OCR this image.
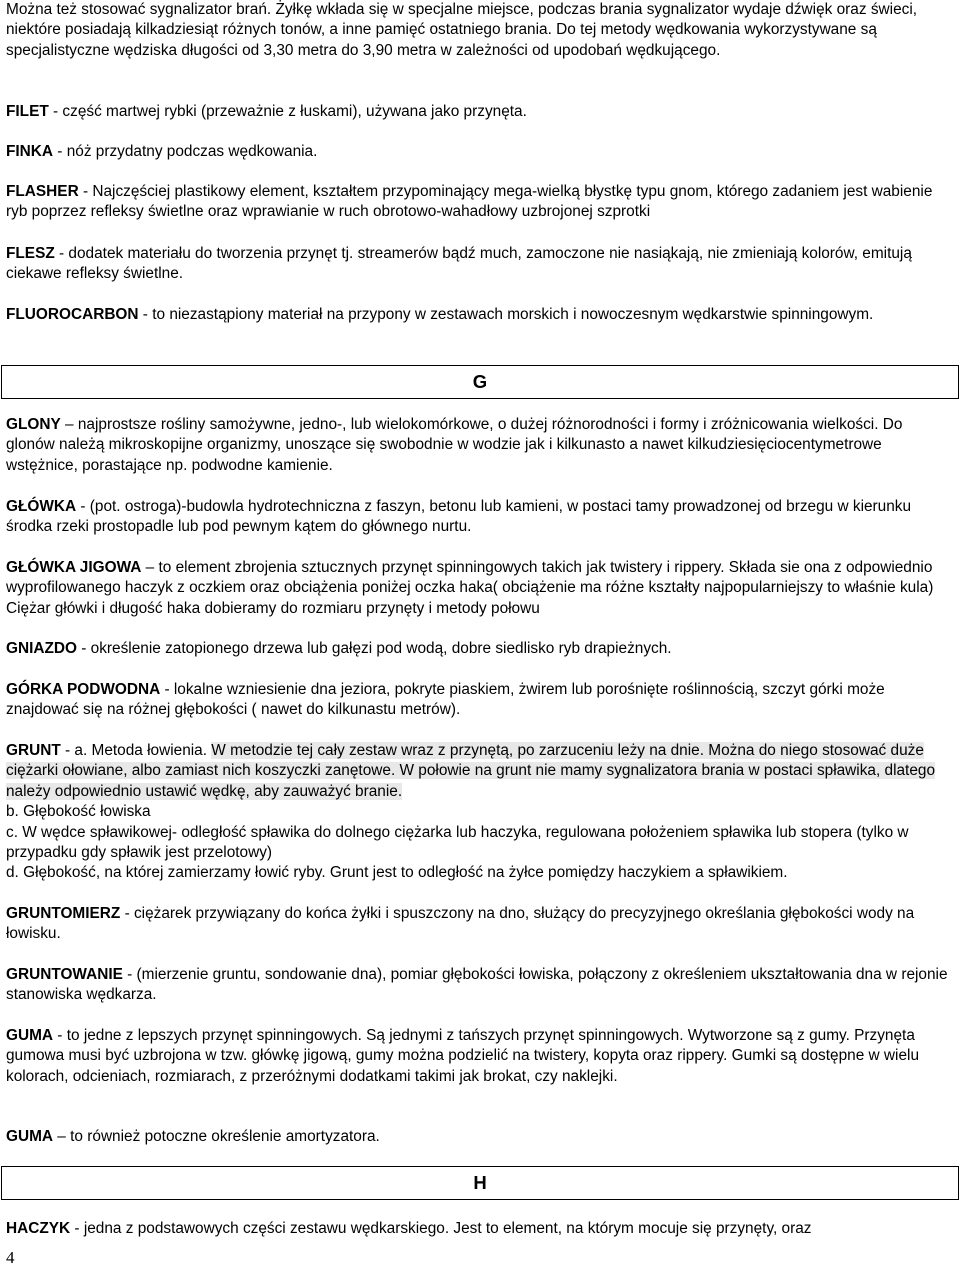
Można też stosować sygnalizator brań. Żyłkę wkłada się w specjalne miejsce, podczas brania sygnalizator wydaje dźwięk oraz świeci, niektóre posiadają kilkadziesiąt różnych tonów, a inne pamięć ostatniego brania. Do tej metody wędkowania wykorzystywane są specjalistyczne wędziska długości od 3,30 metra do 3,90 metra w zależności od upodobań wędkującego.

FILET - część martwej rybki (przeważnie z łuskami), używana jako przynęta.

FINKA - nóż przydatny podczas wędkowania.

FLASHER - Najczęściej plastikowy element, kształtem przypominający mega-wielką błystkę typu gnom, którego zadaniem jest wabienie ryb poprzez refleksy świetlne oraz wprawianie w ruch obrotowo-wahadłowy uzbrojonej szprotki

FLESZ - dodatek materiału do tworzenia przynęt tj. streamerów bądź much, zamoczone nie nasiąkają, nie zmieniają kolorów, emitują ciekawe refleksy świetlne.

FLUOROCARBON - to niezastąpiony materiał na przypony w zestawach morskich i nowoczesnym wędkarstwie spinningowym.

G

GLONY – najprostsze rośliny samożywne, jedno-, lub wielokomórkowe, o dużej różnorodności i formy i zróżnicowania wielkości. Do glonów należą mikroskopijne organizmy, unoszące się swobodnie w wodzie jak i kilkunasto a nawet kilkudziesięciocentymetrowe wstężnice, porastające np. podwodne kamienie.

GŁÓWKA - (pot. ostroga)-budowla hydrotechniczna z faszyn, betonu lub kamieni, w postaci tamy prowadzonej od brzegu w kierunku środka rzeki prostopadle lub pod pewnym kątem do głównego nurtu.

GŁÓWKA JIGOWA – to element zbrojenia sztucznych przynęt spinningowych takich jak twistery i rippery. Składa sie ona z odpowiednio wyprofilowanego haczyk z oczkiem oraz obciążenia poniżej oczka haka( obciążenie ma różne kształty najpopularniejszy to właśnie kula) Ciężar główki i długość haka dobieramy do rozmiaru przynęty i metody połowu

GNIAZDO - określenie zatopionego drzewa lub gałęzi pod wodą, dobre siedlisko ryb drapieżnych.

GÓRKA PODWODNA - lokalne wzniesienie dna jeziora, pokryte piaskiem, żwirem lub porośnięte roślinnością, szczyt górki może znajdować się na różnej głębokości ( nawet do kilkunastu metrów).

GRUNT - a. Metoda łowienia. W metodzie tej cały zestaw wraz z przynętą, po zarzuceniu leży na dnie. Można do niego stosować duże ciężarki ołowiane, albo zamiast nich koszyczki zanętowe. W połowie na grunt nie mamy sygnalizatora brania w postaci spławika, dlatego należy odpowiednio ustawić wędkę, aby zauważyć branie.
b. Głębokość łowiska
c. W wędce spławikowej- odległość spławika do dolnego ciężarka lub haczyka, regulowana położeniem spławika lub stopera (tylko w przypadku gdy spławik jest przelotowy)
d. Głębokość, na której zamierzamy łowić ryby. Grunt jest to odległość na żyłce pomiędzy haczykiem a spławikiem.

GRUNTOMIERZ - ciężarek przywiązany do końca żyłki i spuszczony na dno, służący do precyzyjnego określania głębokości wody na łowisku.

GRUNTOWANIE - (mierzenie gruntu, sondowanie dna), pomiar głębokości łowiska, połączony z określeniem ukształtowania dna w rejonie stanowiska wędkarza.

GUMA - to jedne z lepszych przynęt spinningowych. Są jednymi z tańszych przynęt spinningowych. Wytworzone są z gumy. Przynęta gumowa musi być uzbrojona w tzw. główkę jigową, gumy można podzielić na twistery, kopyta oraz rippery. Gumki są dostępne w wielu kolorach, odcieniach, rozmiarach, z przeróżnymi dodatkami takimi jak brokat, czy naklejki.

GUMA – to również potoczne określenie amortyzatora.

H

HACZYK - jedna z podstawowych części zestawu wędkarskiego. Jest to element, na którym mocuje się przynęty, oraz

4
